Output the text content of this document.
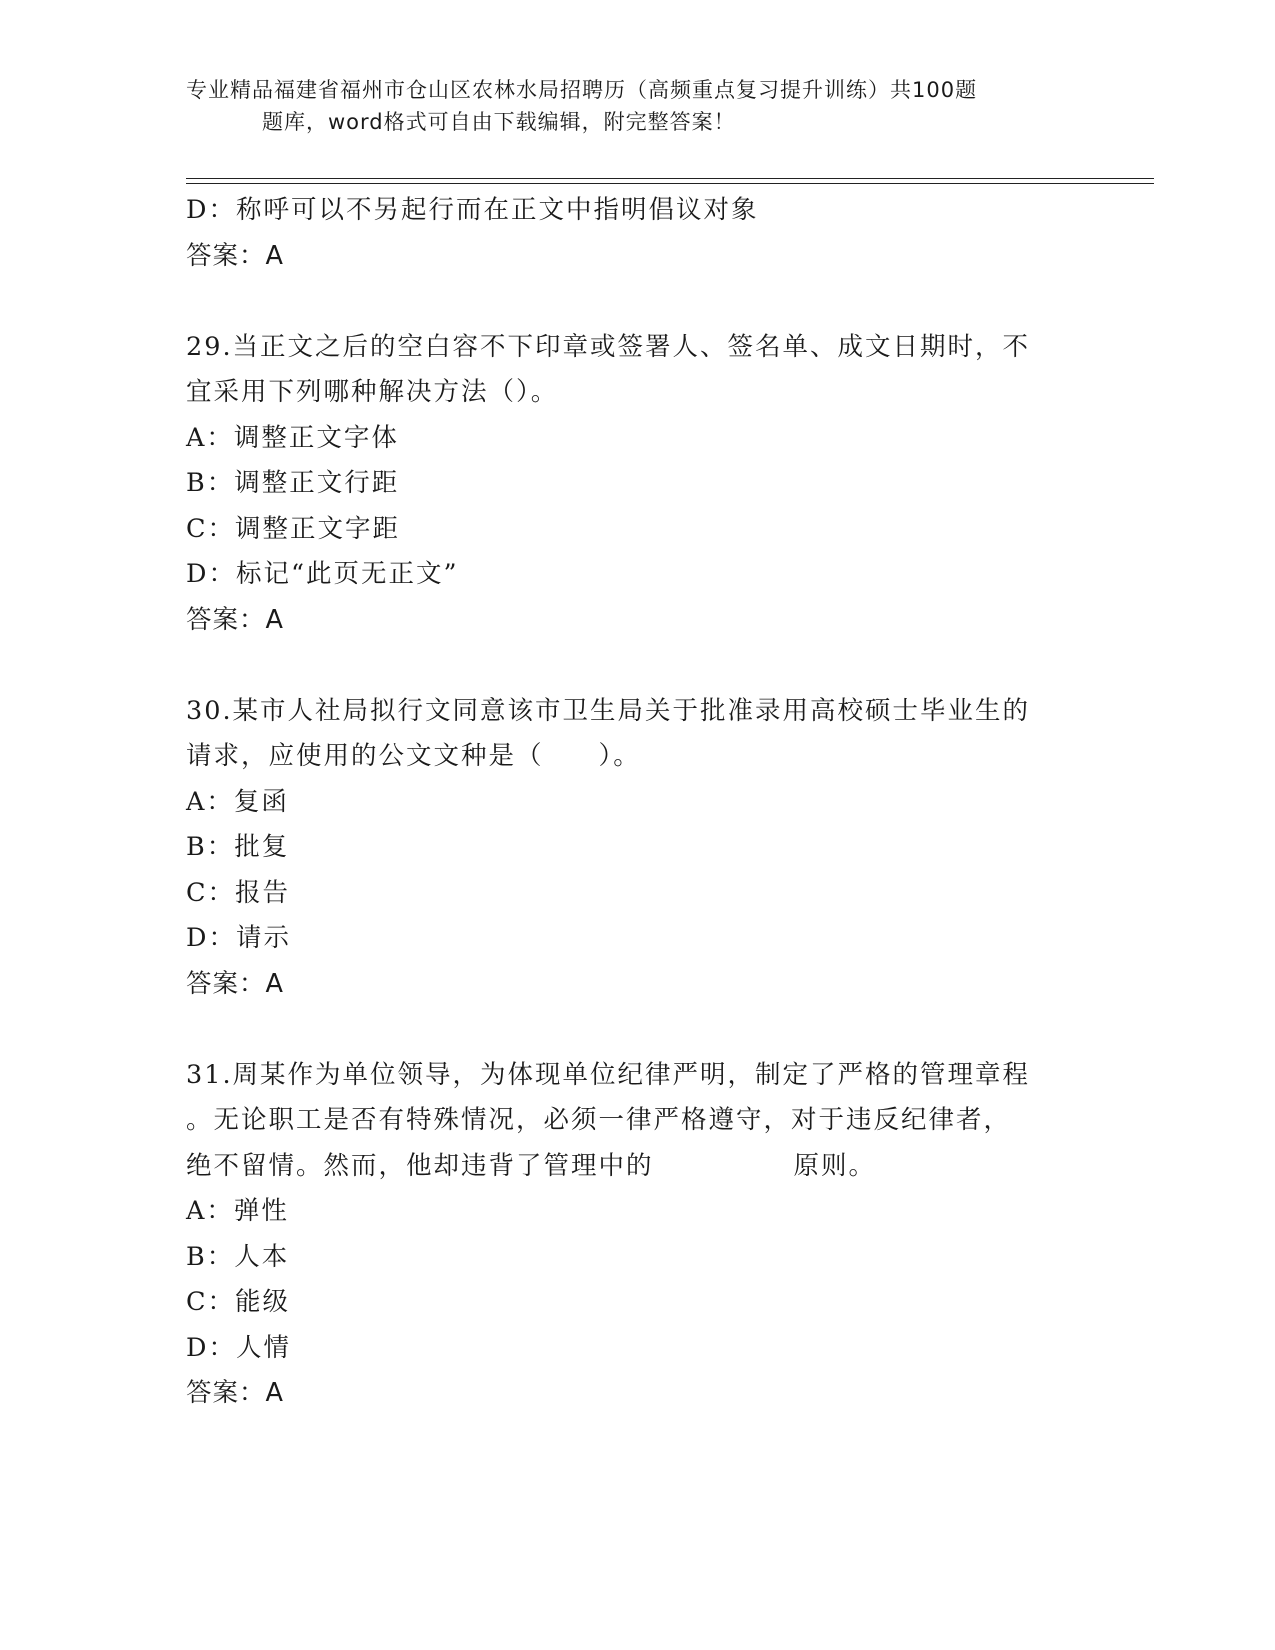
专业精品福建省福州市仓山区农林水局招聘历（高频重点复习提升训练）共100题
题库，word格式可自由下载编辑，附完整答案！
D：称呼可以不另起行而在正文中指明倡议对象
答案：A
29.当正文之后的空白容不下印章或签署人、签名单、成文日期时，不
宜采用下列哪种解决方法（）。
A：调整正文字体
B：调整正文行距
C：调整正文字距
D：标记“此页无正文”
答案：A
30.某市人社局拟行文同意该市卫生局关于批准录用高校硕士毕业生的
请求，应使用的公文文种是（　　）。
A：复函
B：批复
C：报告
D：请示
答案：A
31.周某作为单位领导，为体现单位纪律严明，制定了严格的管理章程
。无论职工是否有特殊情况，必须一律严格遵守，对于违反纪律者，
绝不留情。然而，他却违背了管理中的	原则。
A：弹性
B：人本
C：能级
D：人情
答案：A
